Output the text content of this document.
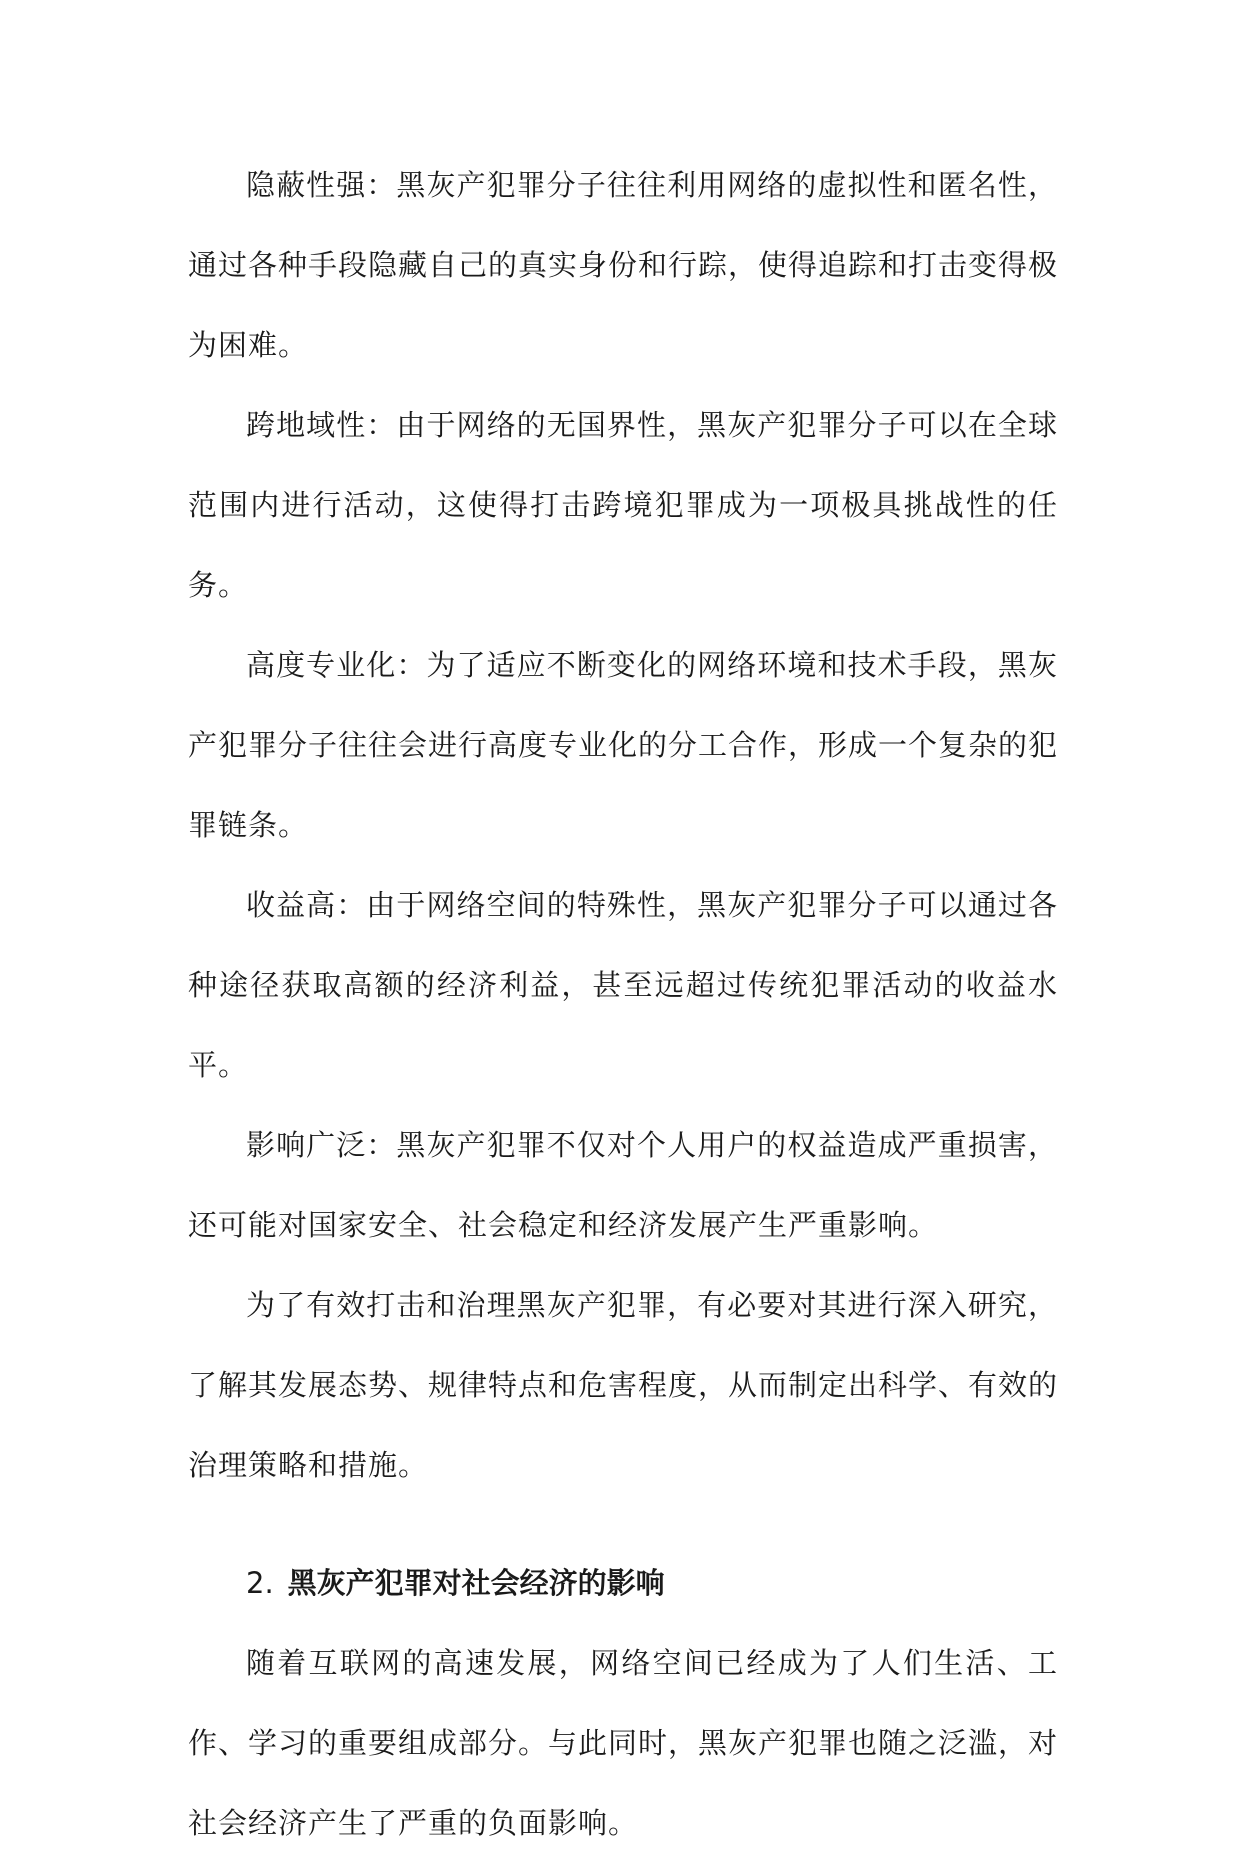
隐蔽性强：黑灰产犯罪分子往往利用网络的虚拟性和匿名性，通过各种手段隐藏自己的真实身份和行踪，使得追踪和打击变得极为困难。

跨地域性：由于网络的无国界性，黑灰产犯罪分子可以在全球范围内进行活动，这使得打击跨境犯罪成为一项极具挑战性的任务。

高度专业化：为了适应不断变化的网络环境和技术手段，黑灰产犯罪分子往往会进行高度专业化的分工合作，形成一个复杂的犯罪链条。

收益高：由于网络空间的特殊性，黑灰产犯罪分子可以通过各种途径获取高额的经济利益，甚至远超过传统犯罪活动的收益水平。

影响广泛：黑灰产犯罪不仅对个人用户的权益造成严重损害，还可能对国家安全、社会稳定和经济发展产生严重影响。

为了有效打击和治理黑灰产犯罪，有必要对其进行深入研究，了解其发展态势、规律特点和危害程度，从而制定出科学、有效的治理策略和措施。

2. 黑灰产犯罪对社会经济的影响

随着互联网的高速发展，网络空间已经成为了人们生活、工作、学习的重要组成部分。与此同时，黑灰产犯罪也随之泛滥，对社会经济产生了严重的负面影响。
